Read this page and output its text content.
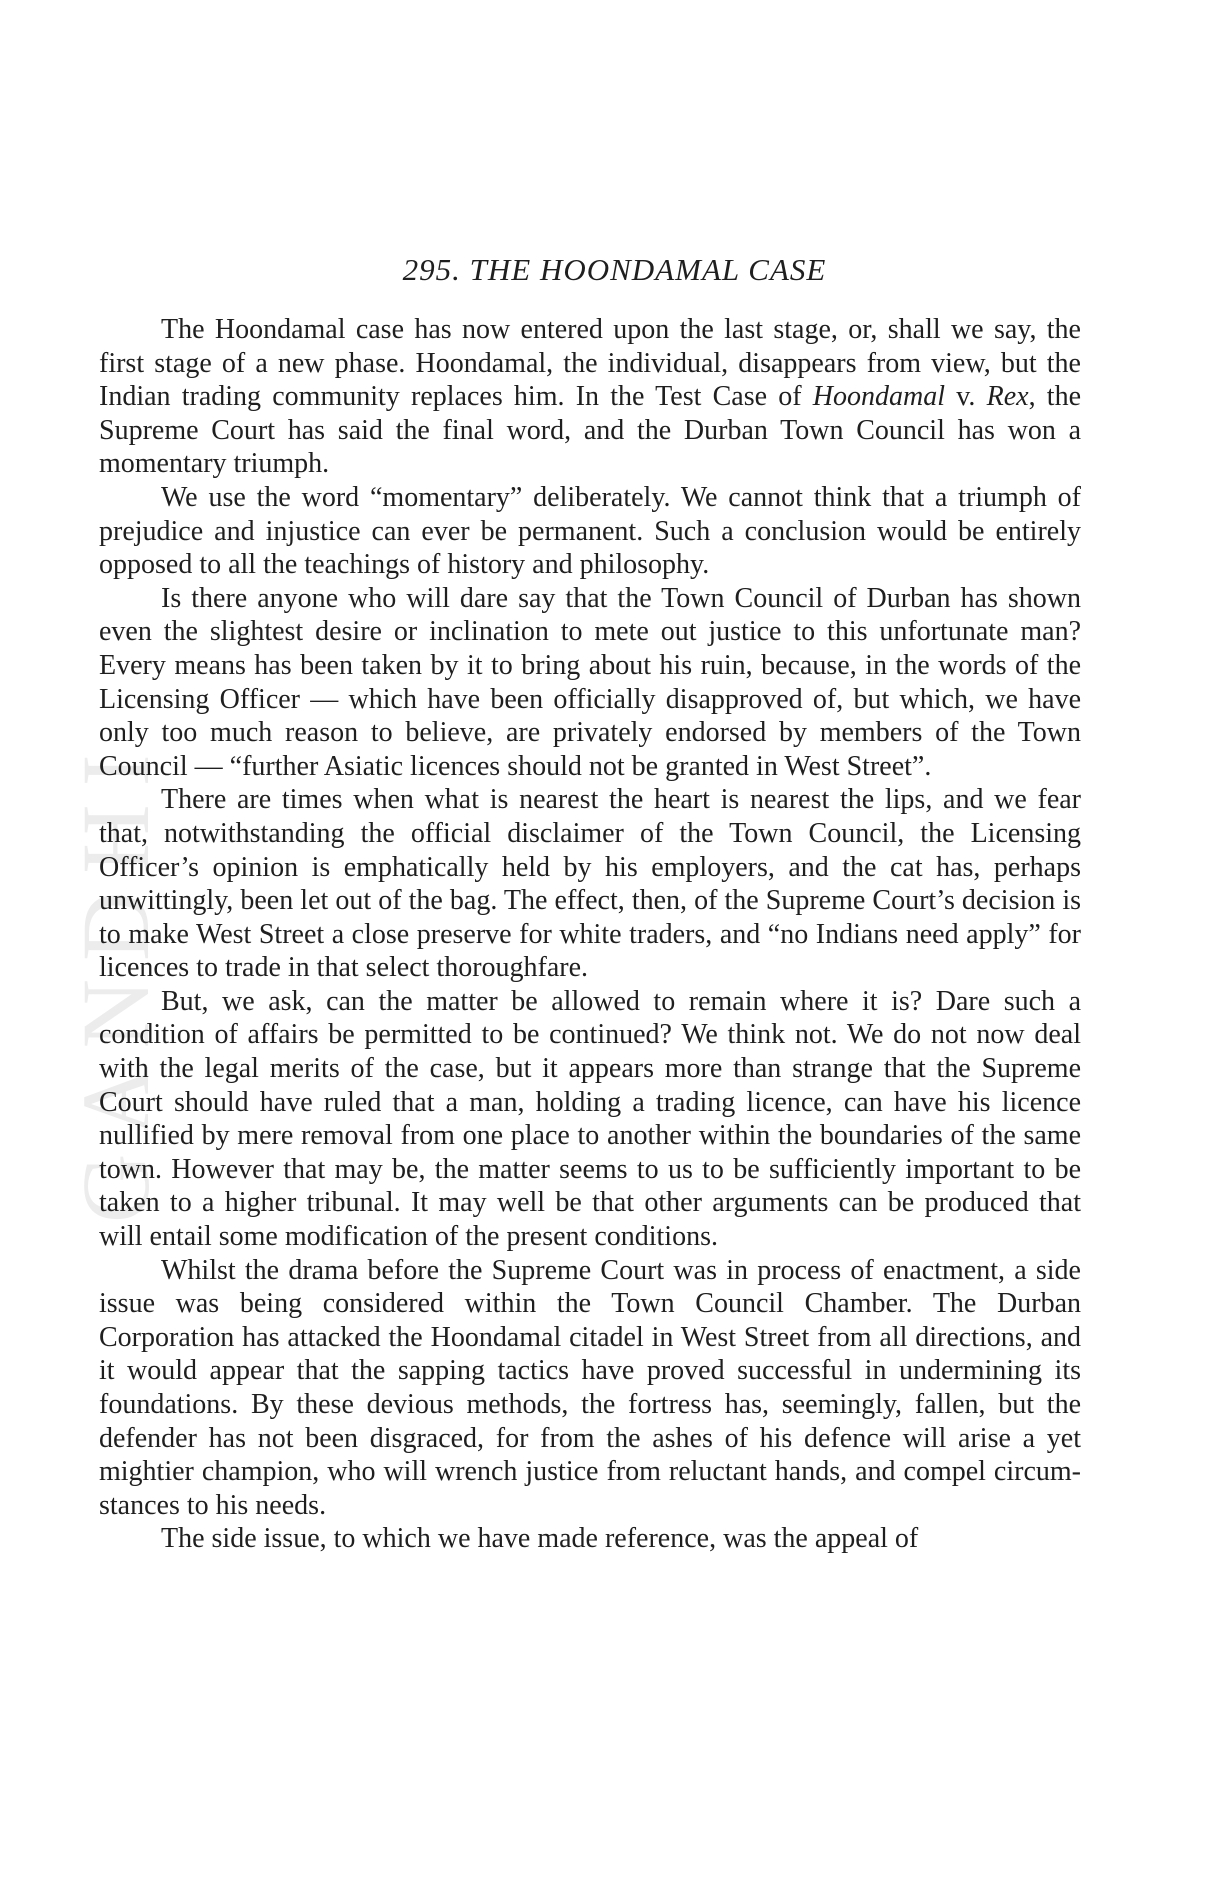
GANDHI
295. THE HOONDAMAL CASE

The Hoondamal case has now entered upon the last stage, or, shall we say, the first stage of a new phase. Hoondamal, the individual, disappears from view, but the Indian trading community replaces him. In the Test Case of Hoondamal v. Rex, the Supreme Court has said the final word, and the Durban Town Council has won a momentary triumph.

We use the word “momentary” deliberately. We cannot think that a triumph of prejudice and injustice can ever be permanent. Such a conclusion would be entirely opposed to all the teachings of history and philosophy.

Is there anyone who will dare say that the Town Council of Durban has shown even the slightest desire or inclination to mete out justice to this unfortunate man? Every means has been taken by it to bring about his ruin, because, in the words of the Licensing Officer — which have been officially disapproved of, but which, we have only too much reason to believe, are privately endorsed by members of the Town Council — “further Asiatic licences should not be granted in West Street”.

There are times when what is nearest the heart is nearest the lips, and we fear that, notwithstanding the official disclaimer of the Town Council, the Licensing Officer’s opinion is emphatically held by his employers, and the cat has, perhaps unwittingly, been let out of the bag. The effect, then, of the Supreme Court’s decision is to make West Street a close preserve for white traders, and “no Indians need apply” for licences to trade in that select thoroughfare.

But, we ask, can the matter be allowed to remain where it is? Dare such a condition of affairs be permitted to be continued? We think not. We do not now deal with the legal merits of the case, but it appears more than strange that the Supreme Court should have ruled that a man, holding a trading licence, can have his licence nullified by mere removal from one place to another within the boundaries of the same town. However that may be, the matter seems to us to be sufficiently important to be taken to a higher tribunal. It may well be that other arguments can be produced that will entail some modification of the present conditions.

Whilst the drama before the Supreme Court was in process of enactment, a side issue was being considered within the Town Council Chamber. The Durban Corporation has attacked the Hoondamal citadel in West Street from all directions, and it would appear that the sapping tactics have proved successful in undermining its foundations. By these devious methods, the fortress has, seemingly, fallen, but the defender has not been disgraced, for from the ashes of his defence will arise a yet mightier champion, who will wrench justice from reluctant hands, and compel circumstances to his needs.

The side issue, to which we have made reference, was the appeal of
